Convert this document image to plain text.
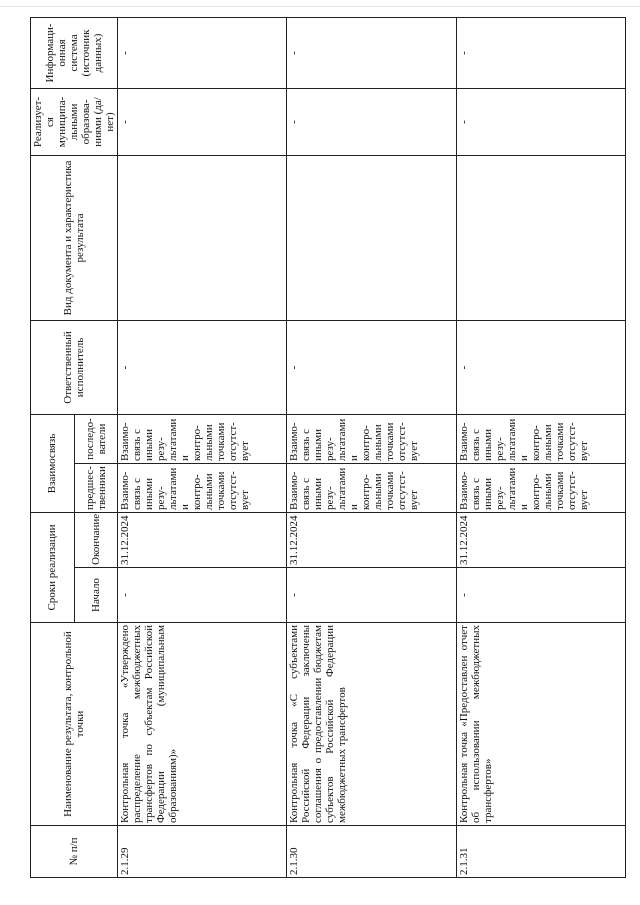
№ п/п	Наименование результата, контрольной точки	Сроки реализации		Взаимосвязь		Ответственный исполнитель	Вид документа и характеристика результата	Реализует- ся муниципа- льными образова- ниями (да/нет)	Информаци- онная система (источник данных)
		Начало	Окончание	предшес- твенники	последо- ватели				
2.1.29	Контрольная точка «Утверждено распределение межбюджетных трансфертов по субъектам Российской Федерации (муниципальным образованиям)»	-	31.12.2024	Взаимо- связь с иными резу- льтатами и контро- льными точками отсутст- вует	Взаимо- связь с иными резу- льтатами и контро- льными точками отсутст- вует	-		-	-
2.1.30	Контрольная точка «С субъектами Российской Федерации заключены соглашения о предоставлении бюджетам субъектов Российской Федерации межбюджетных трансфертов	-	31.12.2024	Взаимо- связь с иными резу- льтатами и контро- льными точками отсутст- вует	Взаимо- связь с иными резу- льтатами и контро- льными точками отсутст- вует	-		-	-
2.1.31	Контрольная точка «Предоставлен отчет об использовании межбюджетных трансфертов»	-	31.12.2024	Взаимо- связь с иными резу- льтатами и контро- льными точками отсутст- вует	Взаимо- связь с иными резу- льтатами и контро- льными точками отсутст- вует	-		-	-
